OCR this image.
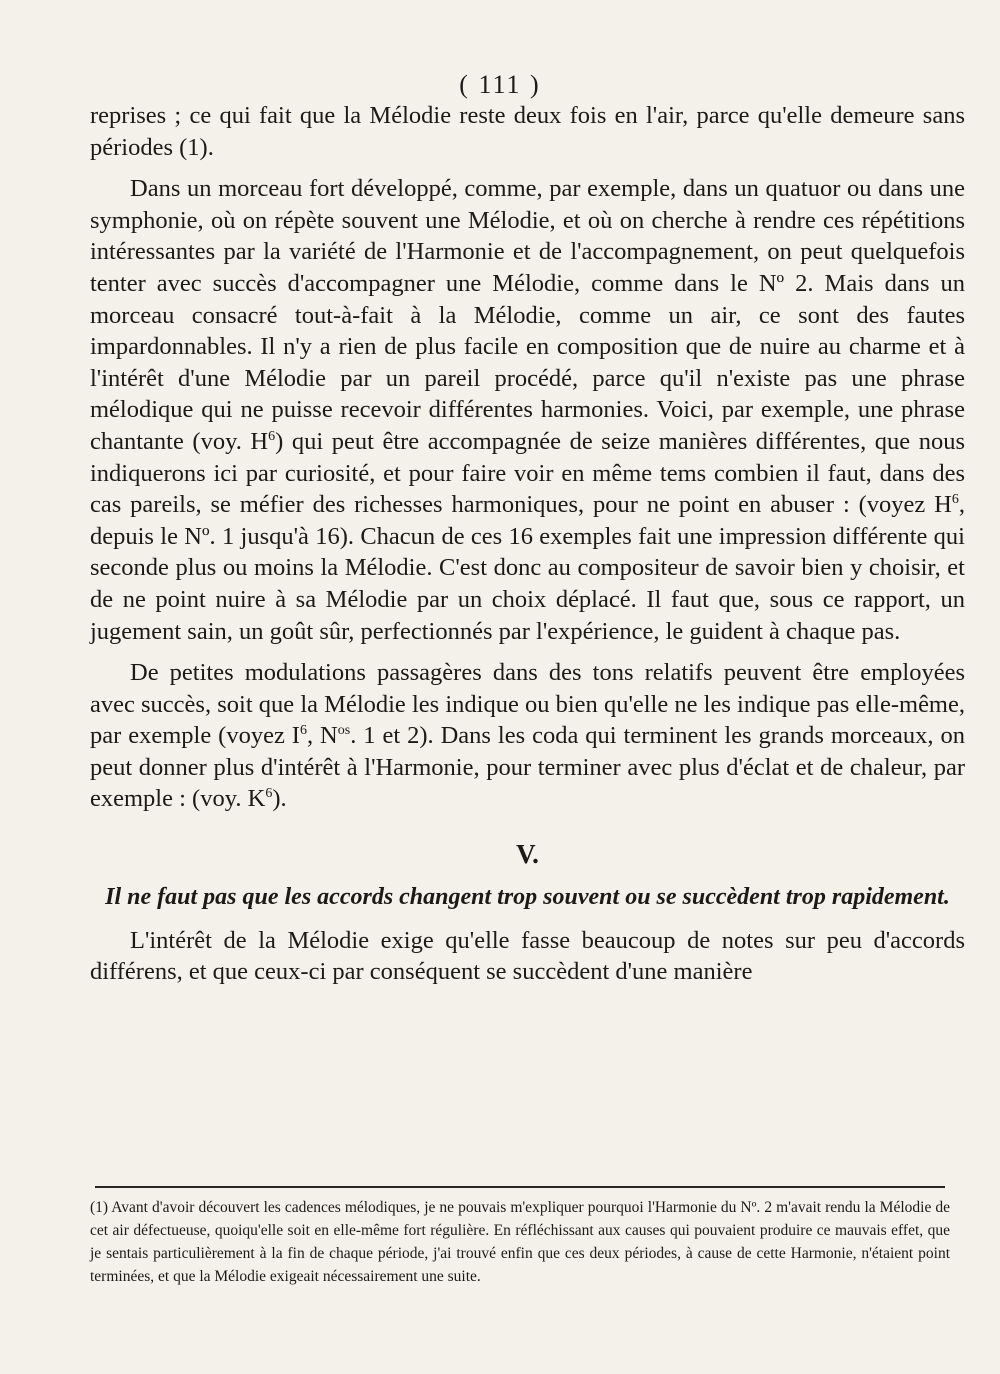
( 111 )

reprises ; ce qui fait que la Mélodie reste deux fois en l'air, parce qu'elle demeure sans périodes (1).

Dans un morceau fort développé, comme, par exemple, dans un quatuor ou dans une symphonie, où on répète souvent une Mélodie, et où on cherche à rendre ces répétitions intéressantes par la variété de l'Harmonie et de l'accompagnement, on peut quelquefois tenter avec succès d'accompagner une Mélodie, comme dans le Nº 2. Mais dans un morceau consacré tout-à-fait à la Mélodie, comme un air, ce sont des fautes impardonnables. Il n'y a rien de plus facile en composition que de nuire au charme et à l'intérêt d'une Mélodie par un pareil procédé, parce qu'il n'existe pas une phrase mélodique qui ne puisse recevoir différentes harmonies. Voici, par exemple, une phrase chantante (voy. $H^6$) qui peut être accompagnée de seize manières différentes, que nous indiquerons ici par curiosité, et pour faire voir en même tems combien il faut, dans des cas pareils, se méfier des richesses harmoniques, pour ne point en abuser : (voyez $H^6$, depuis le Nº. 1 jusqu'à 16). Chacun de ces 16 exemples fait une impression différente qui seconde plus ou moins la Mélodie. C'est donc au compositeur de savoir bien y choisir, et de ne point nuire à sa Mélodie par un choix déplacé. Il faut que, sous ce rapport, un jugement sain, un goût sûr, perfectionnés par l'expérience, le guident à chaque pas.

De petites modulations passagères dans des tons relatifs peuvent être employées avec succès, soit que la Mélodie les indique ou bien qu'elle ne les indique pas elle-même, par exemple (voyez $I^6$, $N^{os}$. 1 et 2). Dans les coda qui terminent les grands morceaux, on peut donner plus d'intérêt à l'Harmonie, pour terminer avec plus d'éclat et de chaleur, par exemple : (voy. $K^6$).

V.

Il ne faut pas que les accords changent trop souvent ou se succèdent trop rapidement.

L'intérêt de la Mélodie exige qu'elle fasse beaucoup de notes sur peu d'accords différens, et que ceux-ci par conséquent se succèdent d'une manière

(1) Avant d'avoir découvert les cadences mélodiques, je ne pouvais m'expliquer pourquoi l'Harmonie du Nº. 2 m'avait rendu la Mélodie de cet air défectueuse, quoiqu'elle soit en elle-même fort régulière. En réfléchissant aux causes qui pouvaient produire ce mauvais effet, que je sentais particulièrement à la fin de chaque période, j'ai trouvé enfin que ces deux périodes, à cause de cette Harmonie, n'étaient point terminées, et que la Mélodie exigeait nécessairement une suite.
